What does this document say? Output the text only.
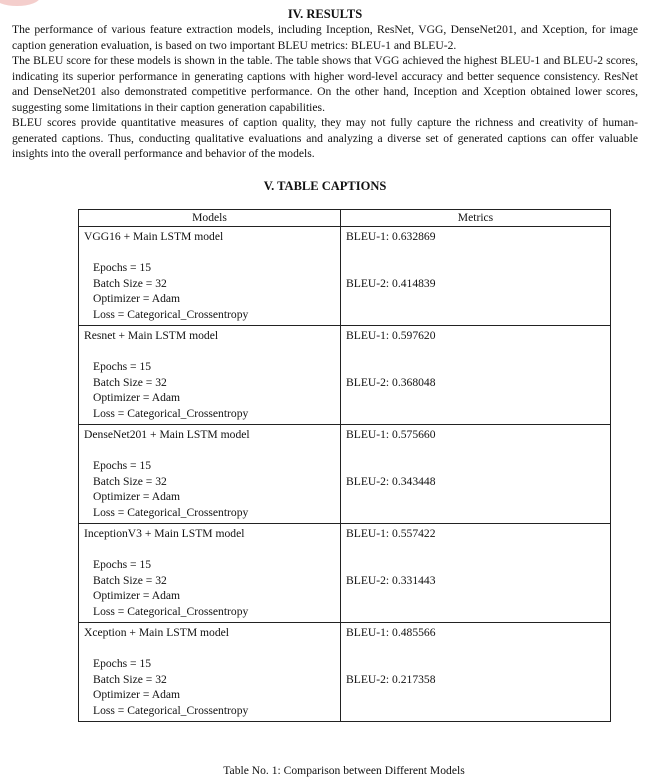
IV. RESULTS

The performance of various feature extraction models, including Inception, ResNet, VGG, DenseNet201, and Xception, for image caption generation evaluation, is based on two important BLEU metrics: BLEU-1 and BLEU-2.

The BLEU score for these models is shown in the table. The table shows that VGG achieved the highest BLEU-1 and BLEU-2 scores, indicating its superior performance in generating captions with higher word-level accuracy and better sequence consistency. ResNet and DenseNet201 also demonstrated competitive performance. On the other hand, Inception and Xception obtained lower scores, suggesting some limitations in their caption generation capabilities.

BLEU scores provide quantitative measures of caption quality, they may not fully capture the richness and creativity of human-generated captions. Thus, conducting qualitative evaluations and analyzing a diverse set of generated captions can offer valuable insights into the overall performance and behavior of the models.

V. TABLE CAPTIONS
Models	Metrics

VGG16 + Main LSTM model
Epochs = 15
Batch Size = 32
Optimizer = Adam
Loss = Categorical_Crossentropy	BLEU-1: 0.632869
BLEU-2: 0.414839

Resnet + Main LSTM model
Epochs = 15
Batch Size = 32
Optimizer = Adam
Loss = Categorical_Crossentropy	BLEU-1: 0.597620
BLEU-2: 0.368048

DenseNet201 + Main LSTM model
Epochs = 15
Batch Size = 32
Optimizer = Adam
Loss = Categorical_Crossentropy	BLEU-1: 0.575660
BLEU-2: 0.343448

InceptionV3 + Main LSTM model
Epochs = 15
Batch Size = 32
Optimizer = Adam
Loss = Categorical_Crossentropy	BLEU-1: 0.557422
BLEU-2: 0.331443

Xception + Main LSTM model
Epochs = 15
Batch Size = 32
Optimizer = Adam
Loss = Categorical_Crossentropy	BLEU-1: 0.485566
BLEU-2: 0.217358
Table No. 1: Comparison between Different Models
